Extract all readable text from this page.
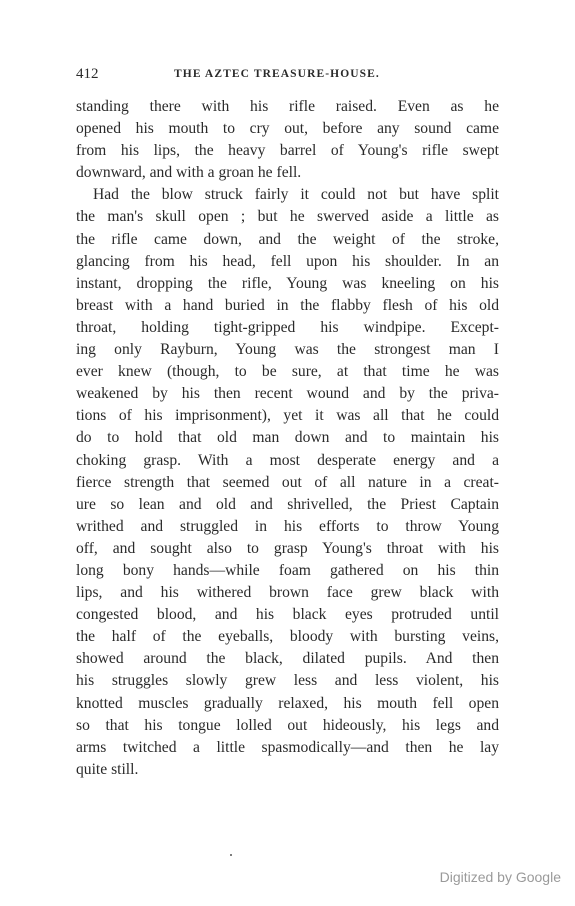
412	THE AZTEC TREASURE-HOUSE.
standing there with his rifle raised. Even as he
opened his mouth to cry out, before any sound came
from his lips, the heavy barrel of Young's rifle swept
downward, and with a groan he fell.
Had the blow struck fairly it could not but have split
the man's skull open ; but he swerved aside a little as
the rifle came down, and the weight of the stroke,
glancing from his head, fell upon his shoulder. In an
instant, dropping the rifle, Young was kneeling on his
breast with a hand buried in the flabby flesh of his old
throat, holding tight-gripped his windpipe. Except-
ing only Rayburn, Young was the strongest man I
ever knew (though, to be sure, at that time he was
weakened by his then recent wound and by the priva-
tions of his imprisonment), yet it was all that he could
do to hold that old man down and to maintain his
choking grasp. With a most desperate energy and a
fierce strength that seemed out of all nature in a creat-
ure so lean and old and shrivelled, the Priest Captain
writhed and struggled in his efforts to throw Young
off, and sought also to grasp Young's throat with his
long bony hands—while foam gathered on his thin
lips, and his withered brown face grew black with
congested blood, and his black eyes protruded until
the half of the eyeballs, bloody with bursting veins,
showed around the black, dilated pupils. And then
his struggles slowly grew less and less violent, his
knotted muscles gradually relaxed, his mouth fell open
so that his tongue lolled out hideously, his legs and
arms twitched a little spasmodically—and then he lay
quite still.
Digitized by Google
